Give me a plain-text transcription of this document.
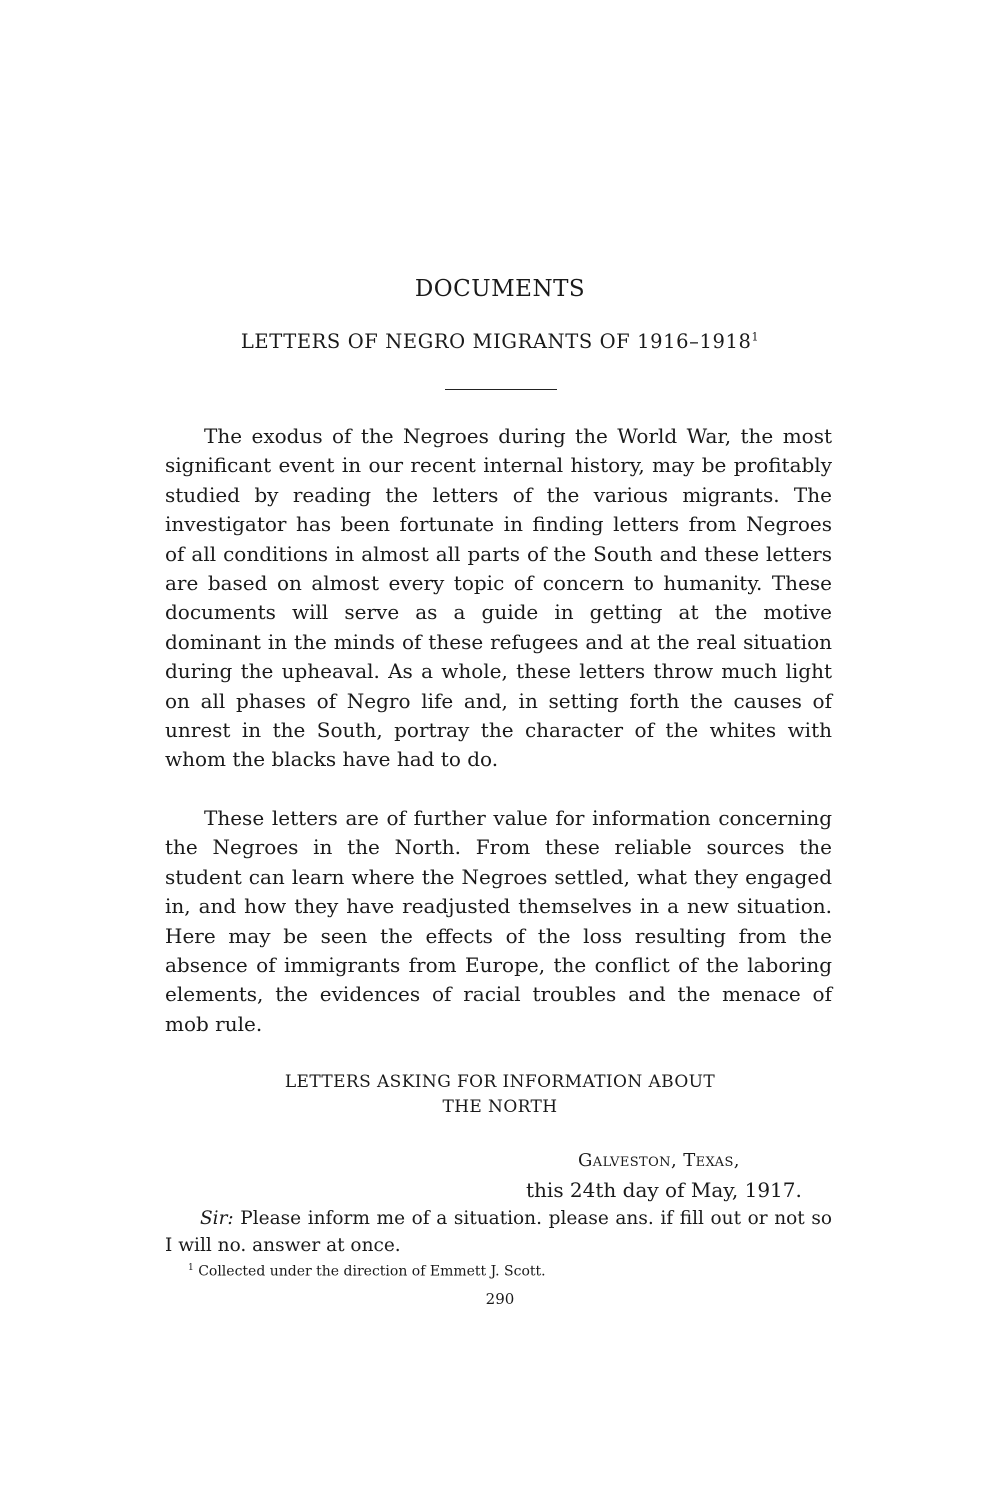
DOCUMENTS
LETTERS OF NEGRO MIGRANTS OF 1916–1918$^1$

The exodus of the Negroes during the World War, the most significant event in our recent internal history, may be profitably studied by reading the letters of the various migrants. The investigator has been fortunate in finding letters from Negroes of all conditions in almost all parts of the South and these letters are based on almost every topic of concern to humanity. These documents will serve as a guide in getting at the motive dominant in the minds of these refugees and at the real situation during the upheaval. As a whole, these letters throw much light on all phases of Negro life and, in setting forth the causes of unrest in the South, portray the character of the whites with whom the blacks have had to do.

These letters are of further value for information concerning the Negroes in the North. From these reliable sources the student can learn where the Negroes settled, what they engaged in, and how they have readjusted themselves in a new situation. Here may be seen the effects of the loss resulting from the absence of immigrants from Europe, the conflict of the laboring elements, the evidences of racial troubles and the menace of mob rule.

LETTERS ASKING FOR INFORMATION ABOUT
THE NORTH

Galveston, Texas,

this 24th day of May, 1917.

Sir: Please inform me of a situation. please ans. if fill out or not so I will no. answer at once.

$^1$ Collected under the direction of Emmett J. Scott.

290
